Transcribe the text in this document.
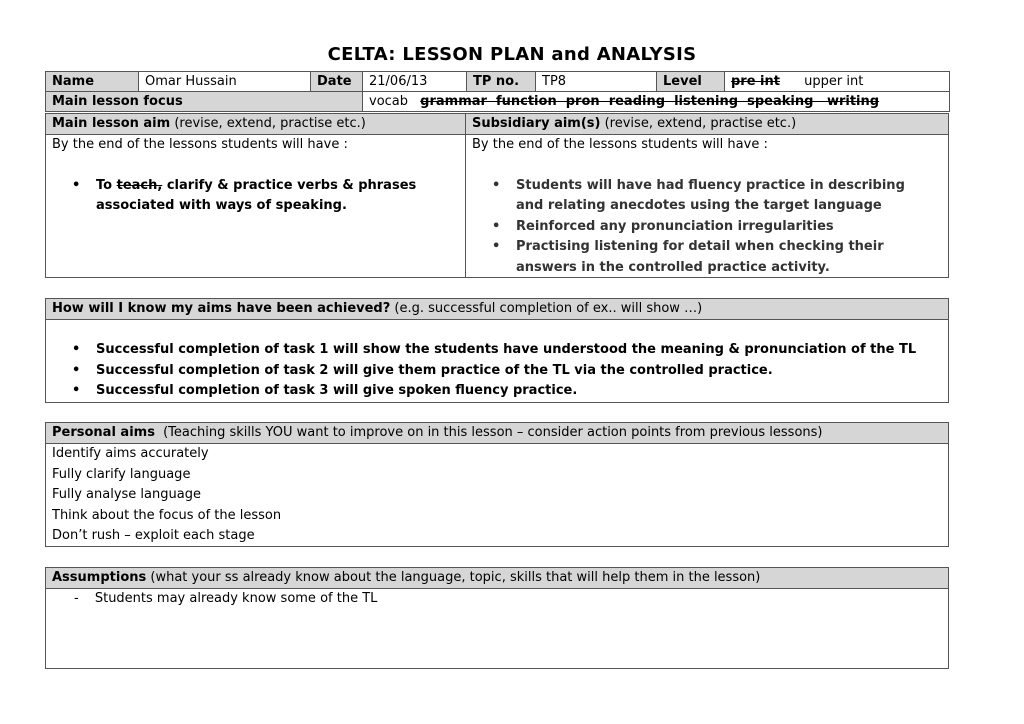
CELTA: LESSON PLAN and ANALYSIS
Name	Omar Hussain	Date	21/06/13	TP no.	TP8	Level	pre int upper int
Main lesson focus			vocab grammar  function  pron  reading  listening  speaking   writing				
Main lesson aim (revise, extend, practise etc.)	Subsidiary aim(s) (revise, extend, practise etc.)
By the end of the lessons students will have :
• To teach, clarify & practice verbs & phrases
associated with ways of speaking.
By the end of the lessons students will have :
• Students will have had fluency practice in describing and relating anecdotes using the target language
• Reinforced any pronunciation irregularities
• Practising listening for detail when checking their answers in the controlled practice activity.
How will I know my aims have been achieved? (e.g. successful completion of ex.. will show …)
• Successful completion of task 1 will show the students have understood the meaning & pronunciation of the TL
• Successful completion of task 2 will give them practice of the TL via the controlled practice.
• Successful completion of task 3 will give spoken fluency practice.
Personal aims (Teaching skills YOU want to improve on in this lesson – consider action points from previous lessons)
Identify aims accurately
Fully clarify language
Fully analyse language
Think about the focus of the lesson
Don’t rush – exploit each stage
Assumptions (what your ss already know about the language, topic, skills that will help them in the lesson)
- Students may already know some of the TL
